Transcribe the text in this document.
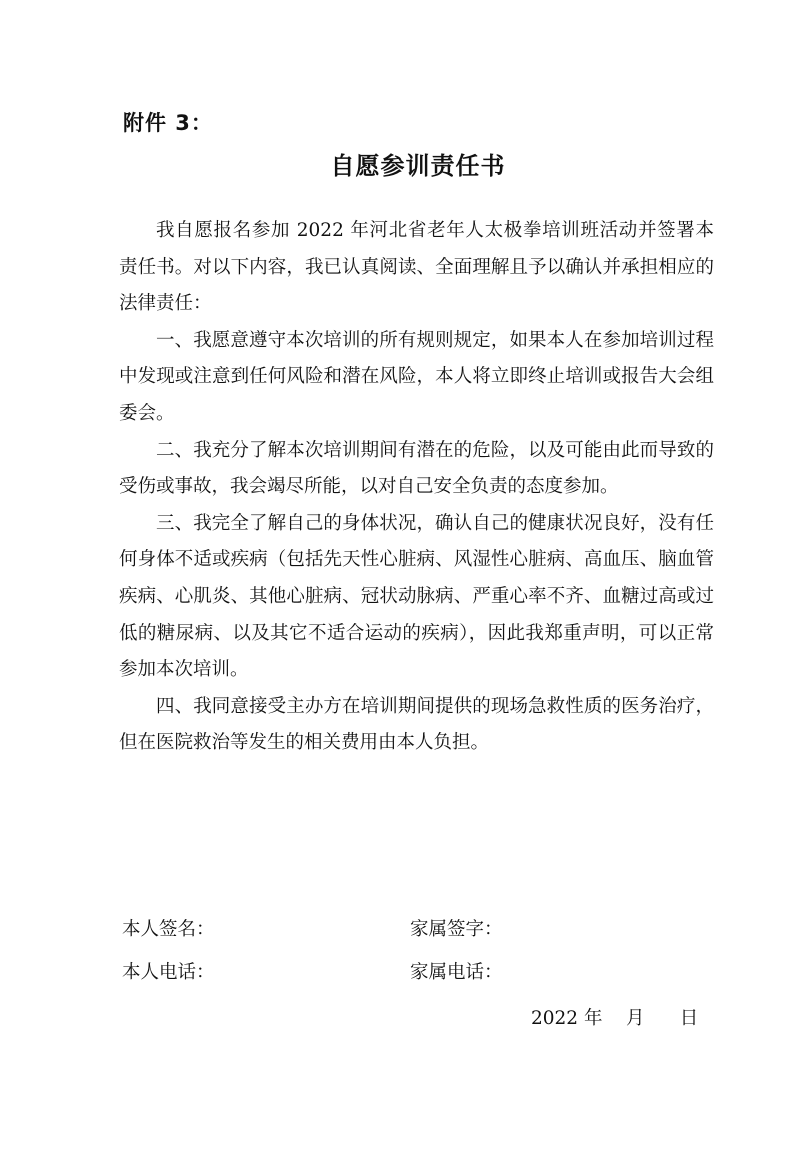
附件 3：
自愿参训责任书

我自愿报名参加 2022 年河北省老年人太极拳培训班活动并签署本责任书。对以下内容，我已认真阅读、全面理解且予以确认并承担相应的法律责任：

一、我愿意遵守本次培训的所有规则规定，如果本人在参加培训过程中发现或注意到任何风险和潜在风险，本人将立即终止培训或报告大会组委会。

二、我充分了解本次培训期间有潜在的危险，以及可能由此而导致的受伤或事故，我会竭尽所能，以对自己安全负责的态度参加。

三、我完全了解自己的身体状况，确认自己的健康状况良好，没有任何身体不适或疾病（包括先天性心脏病、风湿性心脏病、高血压、脑血管疾病、心肌炎、其他心脏病、冠状动脉病、严重心率不齐、血糖过高或过低的糖尿病、以及其它不适合运动的疾病），因此我郑重声明，可以正常参加本次培训。

四、我同意接受主办方在培训期间提供的现场急救性质的医务治疗，但在医院救治等发生的相关费用由本人负担。

本人签名：	家属签字：
本人电话：	家属电话：
2022 年    月      日
